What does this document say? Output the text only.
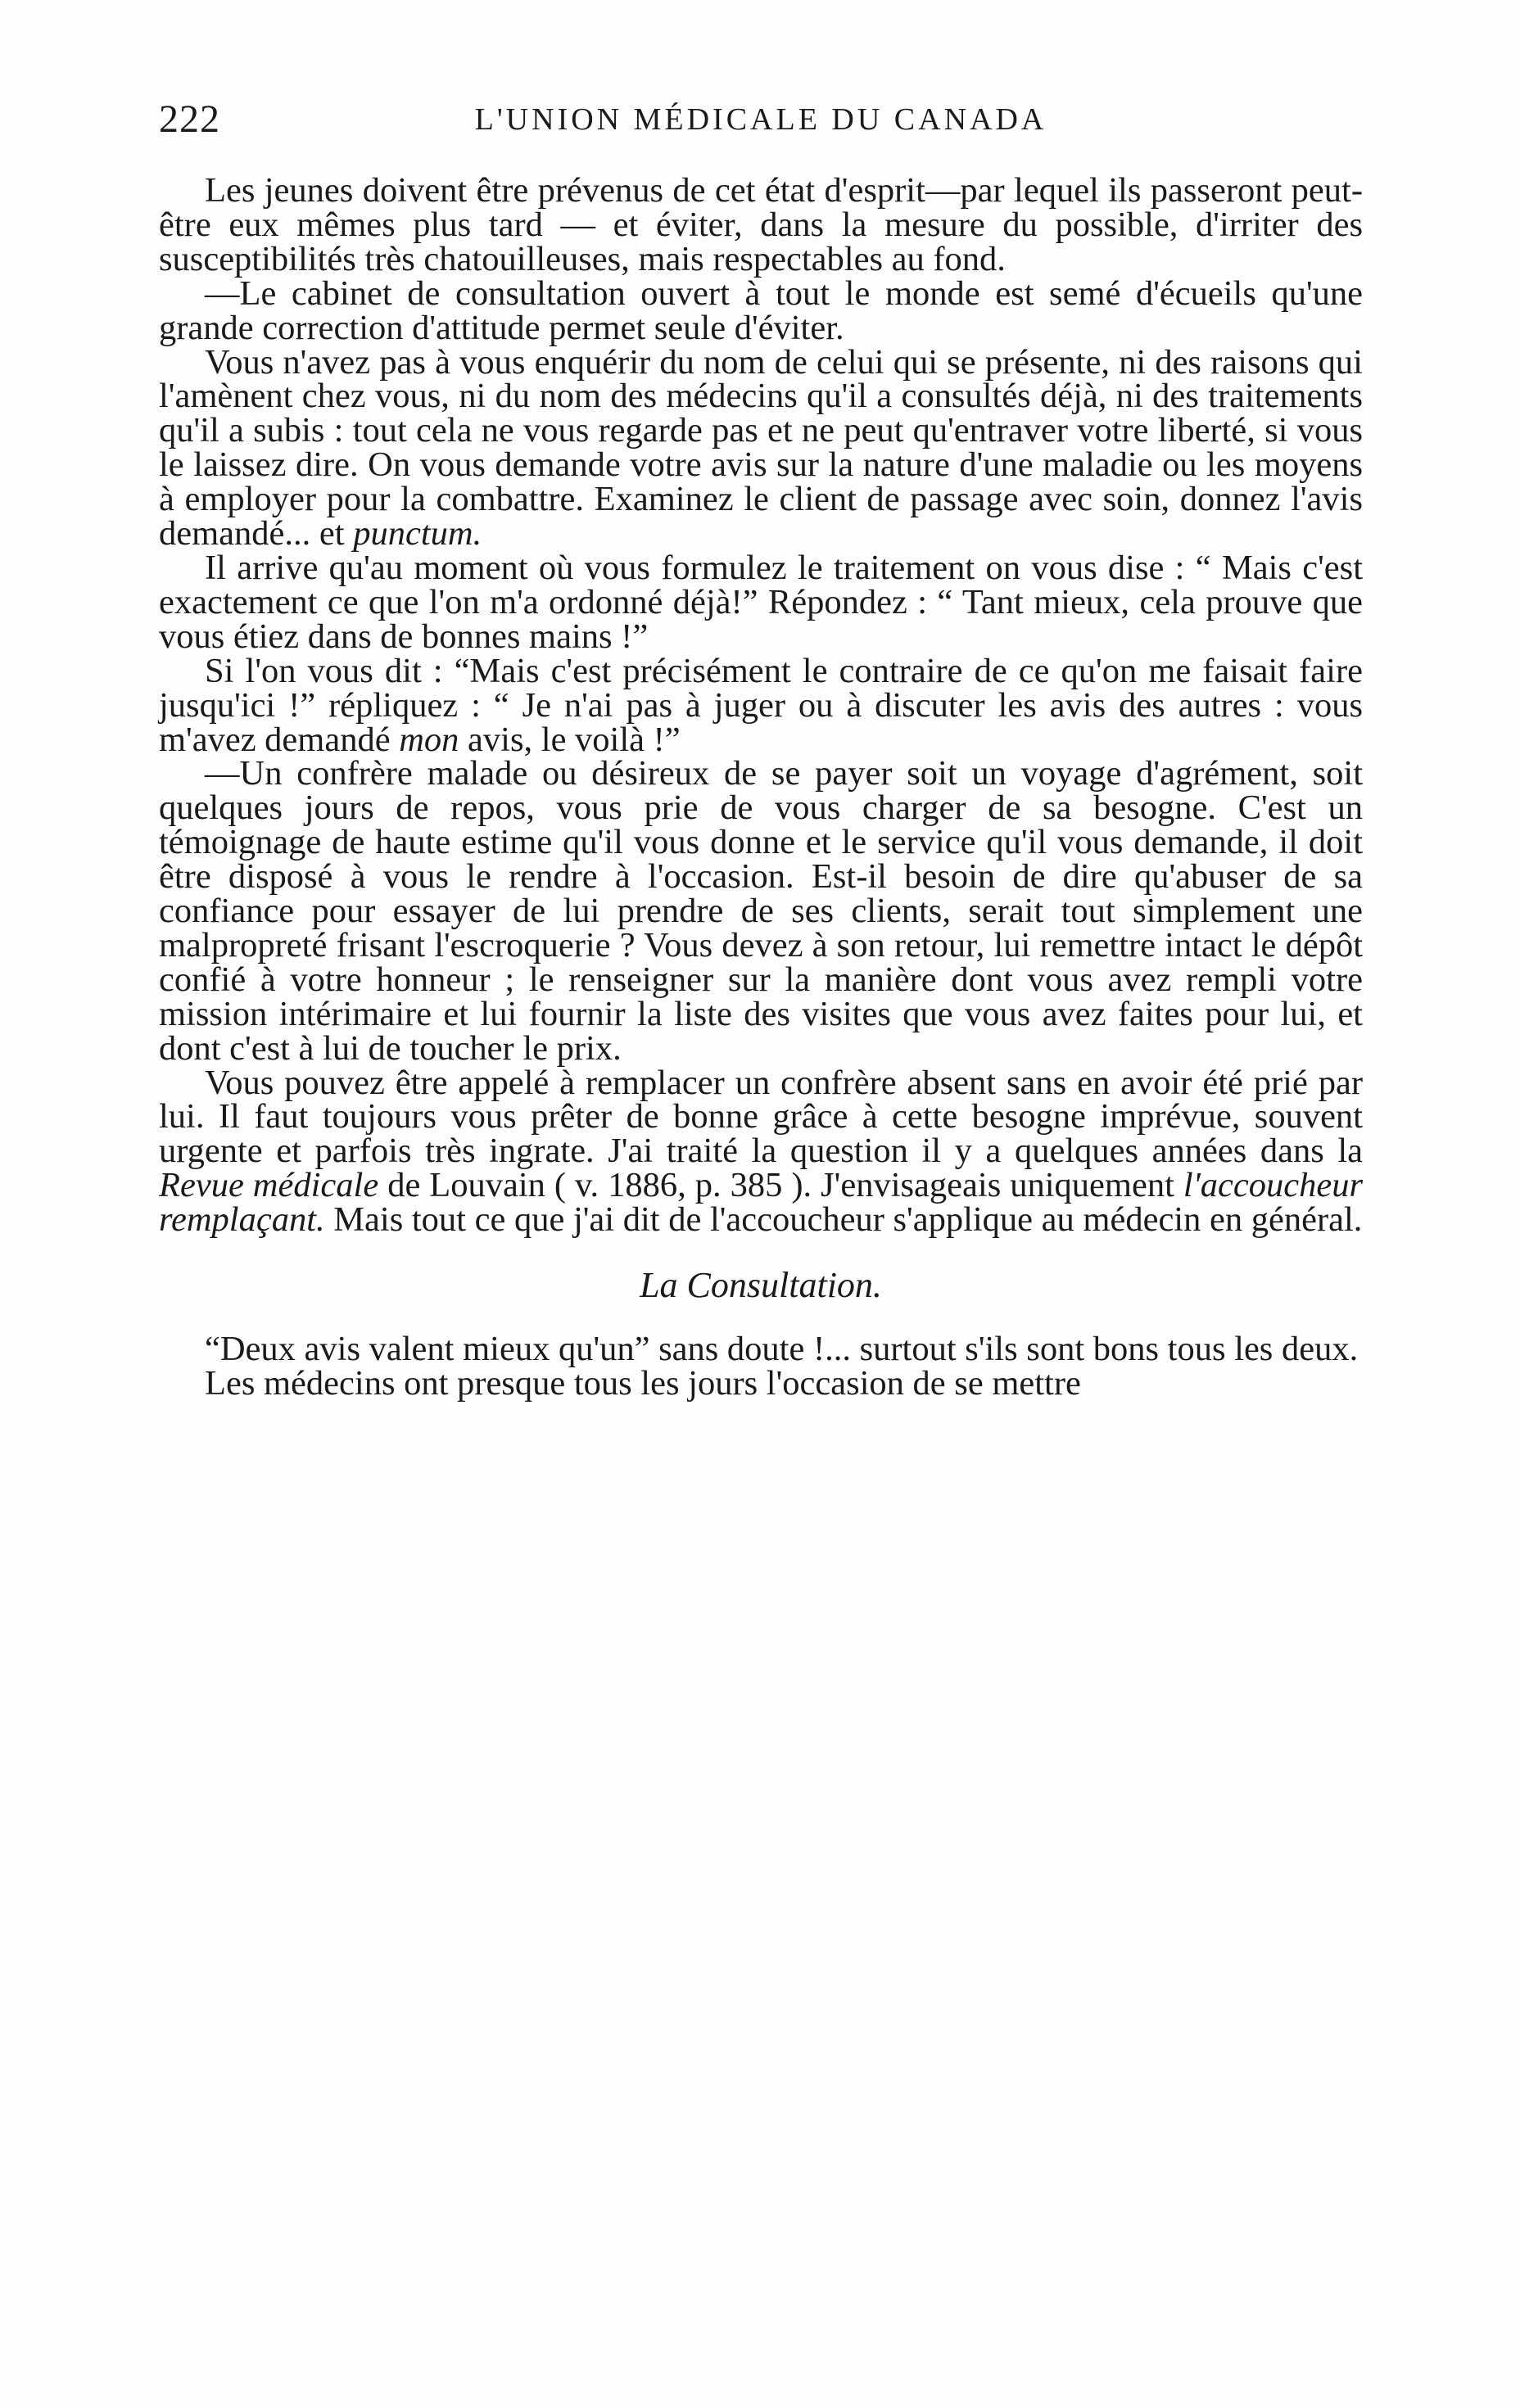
222	L'UNION MÉDICALE DU CANADA

Les jeunes doivent être prévenus de cet état d'esprit—par lequel ils passeront peut-être eux mêmes plus tard — et éviter, dans la mesure du possible, d'irriter des susceptibilités très chatouilleuses, mais respectables au fond.

—Le cabinet de consultation ouvert à tout le monde est semé d'écueils qu'une grande correction d'attitude permet seule d'éviter.

Vous n'avez pas à vous enquérir du nom de celui qui se présente, ni des raisons qui l'amènent chez vous, ni du nom des médecins qu'il a consultés déjà, ni des traitements qu'il a subis : tout cela ne vous regarde pas et ne peut qu'entraver votre liberté, si vous le laissez dire. On vous demande votre avis sur la nature d'une maladie ou les moyens à employer pour la combattre. Examinez le client de passage avec soin, donnez l'avis demandé... et punctum.

Il arrive qu'au moment où vous formulez le traitement on vous dise : “ Mais c'est exactement ce que l'on m'a ordonné déjà!” Répondez : “ Tant mieux, cela prouve que vous étiez dans de bonnes mains !”

Si l'on vous dit : “Mais c'est précisément le contraire de ce qu'on me faisait faire jusqu'ici !” répliquez : “ Je n'ai pas à juger ou à discuter les avis des autres : vous m'avez demandé mon avis, le voilà !”

—Un confrère malade ou désireux de se payer soit un voyage d'agrément, soit quelques jours de repos, vous prie de vous charger de sa besogne. C'est un témoignage de haute estime qu'il vous donne et le service qu'il vous demande, il doit être disposé à vous le rendre à l'occasion. Est-il besoin de dire qu'abuser de sa confiance pour essayer de lui prendre de ses clients, serait tout simplement une malpropreté frisant l'escroquerie ? Vous devez à son retour, lui remettre intact le dépôt confié à votre honneur ; le renseigner sur la manière dont vous avez rempli votre mission intérimaire et lui fournir la liste des visites que vous avez faites pour lui, et dont c'est à lui de toucher le prix.

Vous pouvez être appelé à remplacer un confrère absent sans en avoir été prié par lui. Il faut toujours vous prêter de bonne grâce à cette besogne imprévue, souvent urgente et parfois très ingrate. J'ai traité la question il y a quelques années dans la Revue médicale de Louvain ( v. 1886, p. 385 ). J'envisageais uniquement l'accoucheur remplaçant. Mais tout ce que j'ai dit de l'accoucheur s'applique au médecin en général.

La Consultation.

“Deux avis valent mieux qu'un” sans doute !... surtout s'ils sont bons tous les deux.

Les médecins ont presque tous les jours l'occasion de se mettre
